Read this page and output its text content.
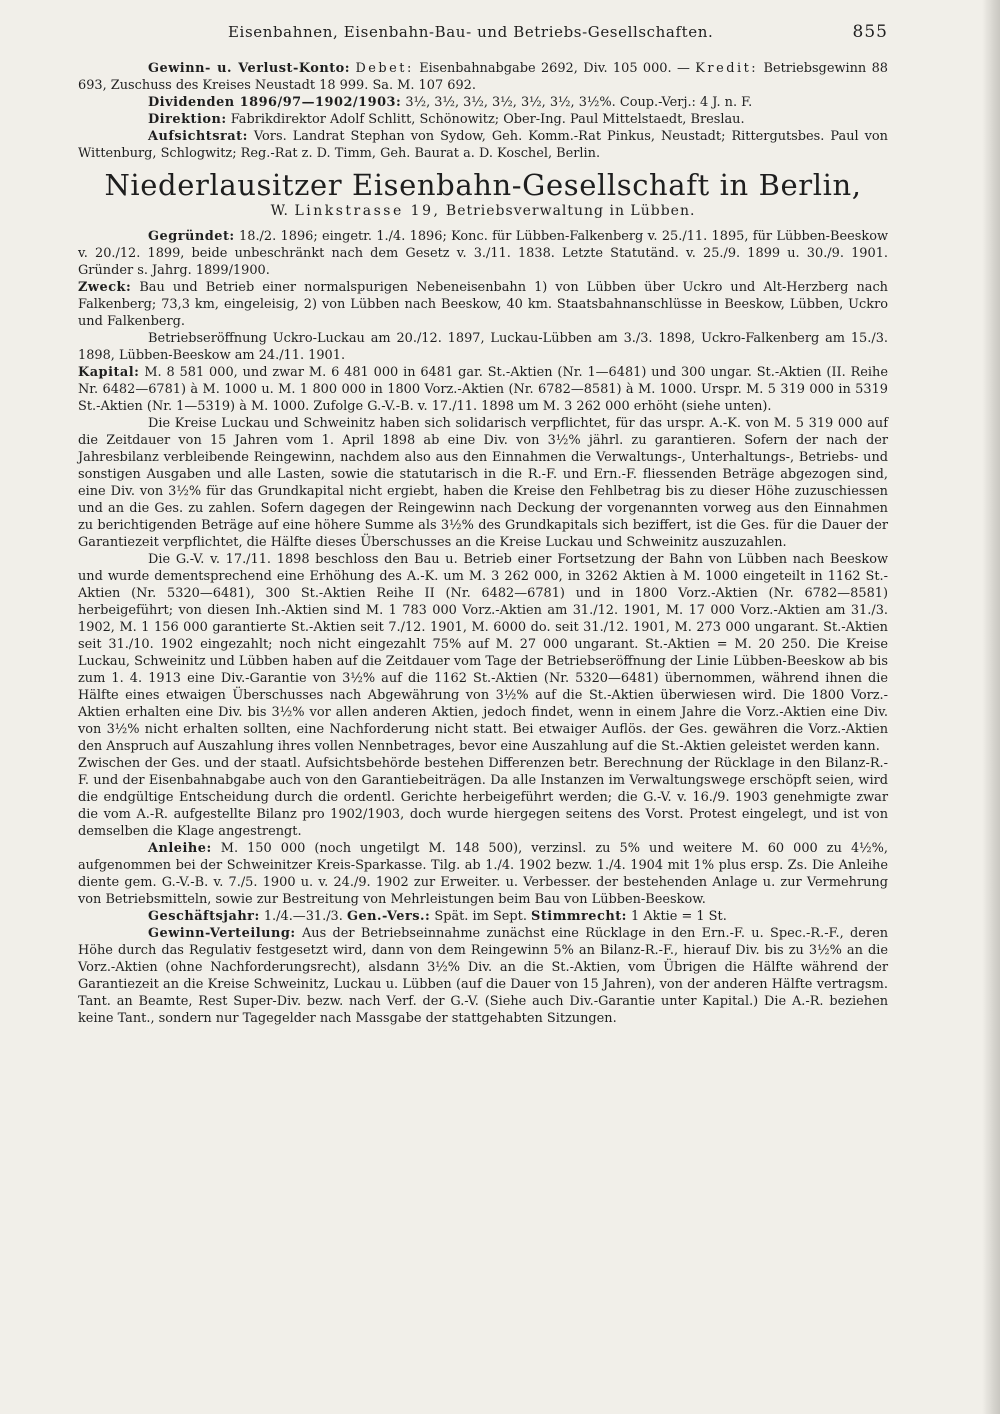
Eisenbahnen, Eisenbahn-Bau- und Betriebs-Gesellschaften.	855

Gewinn- u. Verlust-Konto: Debet: Eisenbahnabgabe 2692, Div. 105 000. — Kredit: Betriebsgewinn 88 693, Zuschuss des Kreises Neustadt 18 999. Sa. M. 107 692.

Dividenden 1896/97—1902/1903: 3½, 3½, 3½, 3½, 3½, 3½, 3½%. Coup.-Verj.: 4 J. n. F.

Direktion: Fabrikdirektor Adolf Schlitt, Schönowitz; Ober-Ing. Paul Mittelstaedt, Breslau.

Aufsichtsrat: Vors. Landrat Stephan von Sydow, Geh. Komm.-Rat Pinkus, Neustadt; Rittergutsbes. Paul von Wittenburg, Schlogwitz; Reg.-Rat z. D. Timm, Geh. Baurat a. D. Koschel, Berlin.

Niederlausitzer Eisenbahn-Gesellschaft in Berlin,
W. Linkstrasse 19, Betriebsverwaltung in Lübben.

Gegründet: 18./2. 1896; eingetr. 1./4. 1896; Konc. für Lübben-Falkenberg v. 25./11. 1895, für Lübben-Beeskow v. 20./12. 1899, beide unbeschränkt nach dem Gesetz v. 3./11. 1838. Letzte Statutänd. v. 25./9. 1899 u. 30./9. 1901. Gründer s. Jahrg. 1899/1900.

Zweck: Bau und Betrieb einer normalspurigen Nebeneisenbahn 1) von Lübben über Uckro und Alt-Herzberg nach Falkenberg; 73,3 km, eingeleisig, 2) von Lübben nach Beeskow, 40 km. Staatsbahnanschlüsse in Beeskow, Lübben, Uckro und Falkenberg.

Betriebseröffnung Uckro-Luckau am 20./12. 1897, Luckau-Lübben am 3./3. 1898, Uckro-Falkenberg am 15./3. 1898, Lübben-Beeskow am 24./11. 1901.

Kapital: M. 8 581 000, und zwar M. 6 481 000 in 6481 gar. St.-Aktien (Nr. 1—6481) und 300 ungar. St.-Aktien (II. Reihe Nr. 6482—6781) à M. 1000 u. M. 1 800 000 in 1800 Vorz.-Aktien (Nr. 6782—8581) à M. 1000. Urspr. M. 5 319 000 in 5319 St.-Aktien (Nr. 1—5319) à M. 1000. Zufolge G.-V.-B. v. 17./11. 1898 um M. 3 262 000 erhöht (siehe unten).

Die Kreise Luckau und Schweinitz haben sich solidarisch verpflichtet, für das urspr. A.-K. von M. 5 319 000 auf die Zeitdauer von 15 Jahren vom 1. April 1898 ab eine Div. von 3½% jährl. zu garantieren. Sofern der nach der Jahresbilanz verbleibende Reingewinn, nachdem also aus den Einnahmen die Verwaltungs-, Unterhaltungs-, Betriebs- und sonstigen Ausgaben und alle Lasten, sowie die statutarisch in die R.-F. und Ern.-F. fliessenden Beträge abgezogen sind, eine Div. von 3½% für das Grundkapital nicht ergiebt, haben die Kreise den Fehlbetrag bis zu dieser Höhe zuzuschiessen und an die Ges. zu zahlen. Sofern dagegen der Reingewinn nach Deckung der vorgenannten vorweg aus den Einnahmen zu berichtigenden Beträge auf eine höhere Summe als 3½% des Grundkapitals sich beziffert, ist die Ges. für die Dauer der Garantiezeit verpflichtet, die Hälfte dieses Überschusses an die Kreise Luckau und Schweinitz auszuzahlen.

Die G.-V. v. 17./11. 1898 beschloss den Bau u. Betrieb einer Fortsetzung der Bahn von Lübben nach Beeskow und wurde dementsprechend eine Erhöhung des A.-K. um M. 3 262 000, in 3262 Aktien à M. 1000 eingeteilt in 1162 St.-Aktien (Nr. 5320—6481), 300 St.-Aktien Reihe II (Nr. 6482—6781) und in 1800 Vorz.-Aktien (Nr. 6782—8581) herbeigeführt; von diesen Inh.-Aktien sind M. 1 783 000 Vorz.-Aktien am 31./12. 1901, M. 17 000 Vorz.-Aktien am 31./3. 1902, M. 1 156 000 garantierte St.-Aktien seit 7./12. 1901, M. 6000 do. seit 31./12. 1901, M. 273 000 ungarant. St.-Aktien seit 31./10. 1902 eingezahlt; noch nicht eingezahlt 75% auf M. 27 000 ungarant. St.-Aktien = M. 20 250. Die Kreise Luckau, Schweinitz und Lübben haben auf die Zeitdauer vom Tage der Betriebseröffnung der Linie Lübben-Beeskow ab bis zum 1. 4. 1913 eine Div.-Garantie von 3½% auf die 1162 St.-Aktien (Nr. 5320—6481) übernommen, während ihnen die Hälfte eines etwaigen Überschusses nach Abgewährung von 3½% auf die St.-Aktien überwiesen wird. Die 1800 Vorz.-Aktien erhalten eine Div. bis 3½% vor allen anderen Aktien, jedoch findet, wenn in einem Jahre die Vorz.-Aktien eine Div. von 3½% nicht erhalten sollten, eine Nachforderung nicht statt. Bei etwaiger Auflös. der Ges. gewähren die Vorz.-Aktien den Anspruch auf Auszahlung ihres vollen Nennbetrages, bevor eine Auszahlung auf die St.-Aktien geleistet werden kann.

Zwischen der Ges. und der staatl. Aufsichtsbehörde bestehen Differenzen betr. Berechnung der Rücklage in den Bilanz-R.-F. und der Eisenbahnabgabe auch von den Garantiebeiträgen. Da alle Instanzen im Verwaltungswege erschöpft seien, wird die endgültige Entscheidung durch die ordentl. Gerichte herbeigeführt werden; die G.-V. v. 16./9. 1903 genehmigte zwar die vom A.-R. aufgestellte Bilanz pro 1902/1903, doch wurde hiergegen seitens des Vorst. Protest eingelegt, und ist von demselben die Klage angestrengt.

Anleihe: M. 150 000 (noch ungetilgt M. 148 500), verzinsl. zu 5% und weitere M. 60 000 zu 4½%, aufgenommen bei der Schweinitzer Kreis-Sparkasse. Tilg. ab 1./4. 1902 bezw. 1./4. 1904 mit 1% plus ersp. Zs. Die Anleihe diente gem. G.-V.-B. v. 7./5. 1900 u. v. 24./9. 1902 zur Erweiter. u. Verbesser. der bestehenden Anlage u. zur Vermehrung von Betriebsmitteln, sowie zur Bestreitung von Mehrleistungen beim Bau von Lübben-Beeskow.

Geschäftsjahr: 1./4.—31./3. Gen.-Vers.: Spät. im Sept. Stimmrecht: 1 Aktie = 1 St.

Gewinn-Verteilung: Aus der Betriebseinnahme zunächst eine Rücklage in den Ern.-F. u. Spec.-R.-F., deren Höhe durch das Regulativ festgesetzt wird, dann von dem Reingewinn 5% an Bilanz-R.-F., hierauf Div. bis zu 3½% an die Vorz.-Aktien (ohne Nachforderungsrecht), alsdann 3½% Div. an die St.-Aktien, vom Übrigen die Hälfte während der Garantiezeit an die Kreise Schweinitz, Luckau u. Lübben (auf die Dauer von 15 Jahren), von der anderen Hälfte vertragsm. Tant. an Beamte, Rest Super-Div. bezw. nach Verf. der G.-V. (Siehe auch Div.-Garantie unter Kapital.) Die A.-R. beziehen keine Tant., sondern nur Tagegelder nach Massgabe der stattgehabten Sitzungen.
